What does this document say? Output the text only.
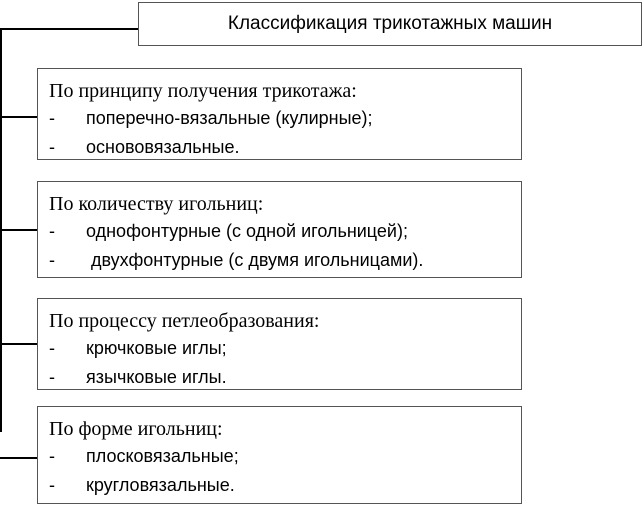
Классификация трикотажных машин
По принципу получения трикотажа:
-	поперечно-вязальные (кулирные);
-	основовязальные.
По количеству игольниц:
-	однофонтурные (с одной игольницей);
-	двухфонтурные (с двумя игольницами).
По процессу петлеобразования:
-	крючковые иглы;
-	язычковые иглы.
По форме игольниц:
-	плосковязальные;
-	кругловязальные.
